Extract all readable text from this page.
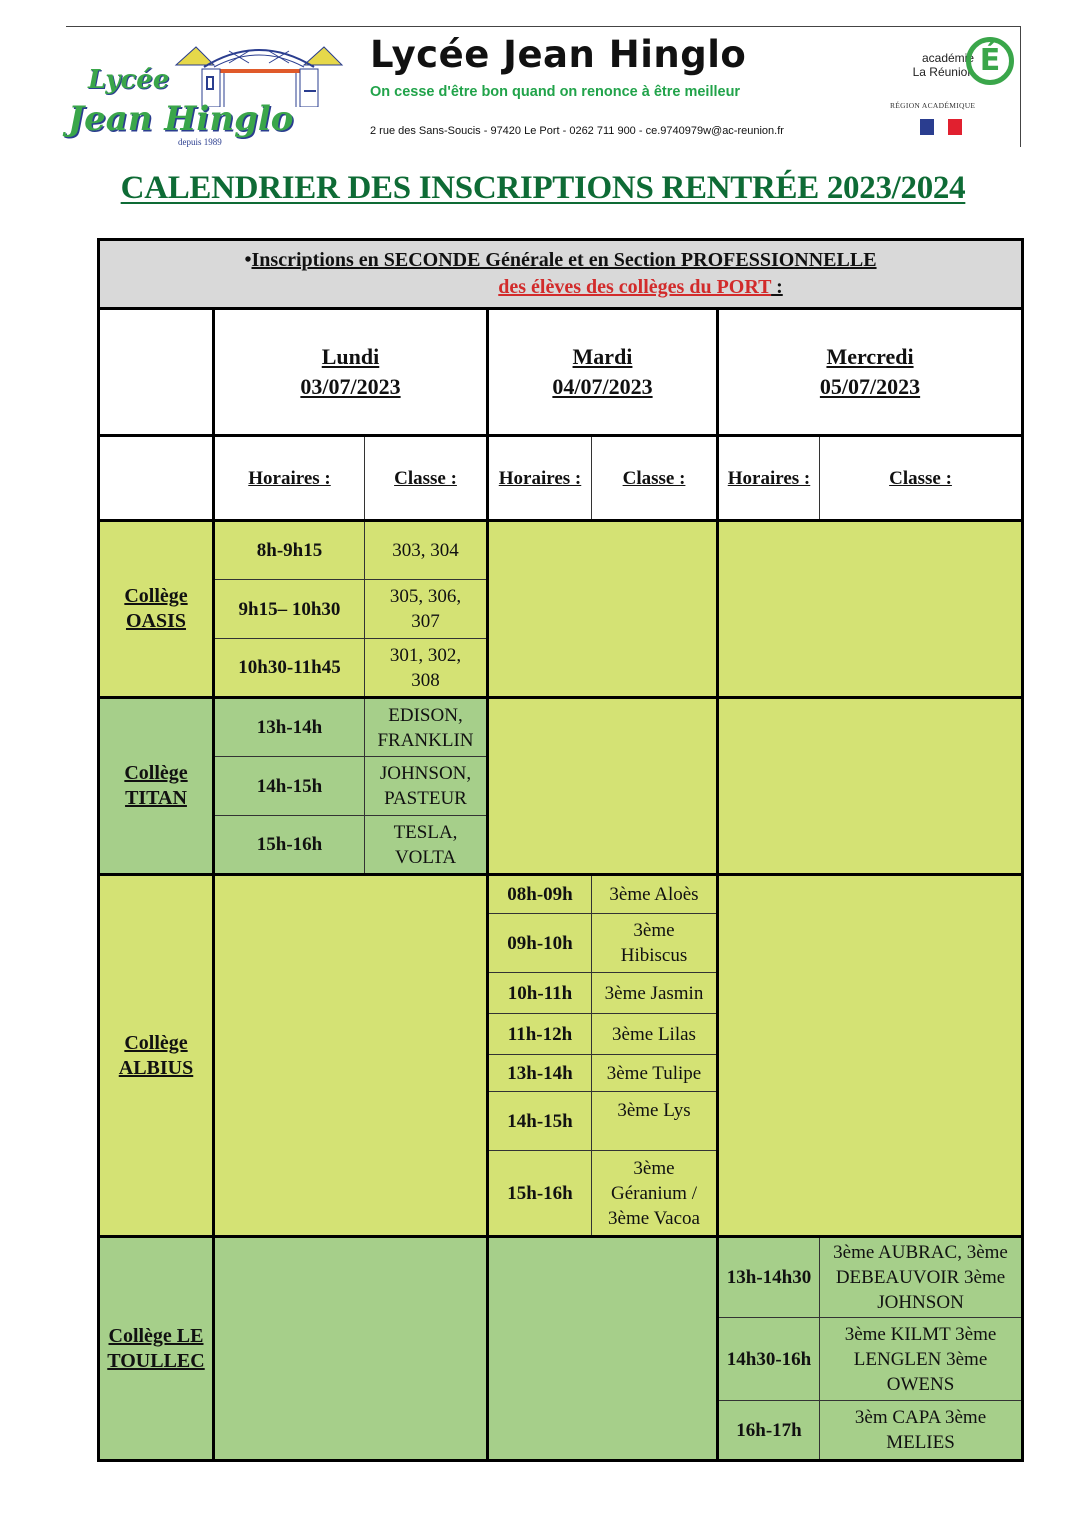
Lycée
Jean Hinglo
depuis 1989
Lycée Jean Hinglo
On cesse d'être bon quand on renonce à être meilleur
2 rue des Sans-Soucis - 97420 Le Port - 0262 711 900 - ce.9740979w@ac-reunion.fr
académie
La Réunion É
RÉGION ACADÉMIQUE
CALENDRIER DES INSCRIPTIONS RENTRÉE 2023/2024
•Inscriptions en SECONDE Générale et en Section PROFESSIONNELLE
des élèves des collèges du PORT :						

Lundi
03/07/2023

Mardi
04/07/2023

Mercredi
05/07/2023

	Horaires :	Classe :	Horaires :	Classe :	Horaires :	Classe :

Collège
OASIS	8h-9h15	303, 304				
	9h15– 10h30	305, 306, 307				
	10h30-11h45	301, 302, 308				

Collège
TITAN	13h-14h	EDISON, FRANKLIN				
	14h-15h	JOHNSON, PASTEUR				
	15h-16h	TESLA, VOLTA				

Collège
ALBIUS			08h-09h	3ème Aloès		
			09h-10h	3ème Hibiscus		
			10h-11h	3ème Jasmin		
			11h-12h	3ème Lilas		
			13h-14h	3ème Tulipe		
			14h-15h	3ème Lys		
			15h-16h	3ème Géranium / 3ème Vacoa		

Collège LE
TOULLEC					13h-14h30	3ème AUBRAC, 3ème DEBEAUVOIR 3ème JOHNSON
					14h30-16h	3ème KILMT 3ème LENGLEN 3ème OWENS
					16h-17h	3èm CAPA 3ème MELIES
